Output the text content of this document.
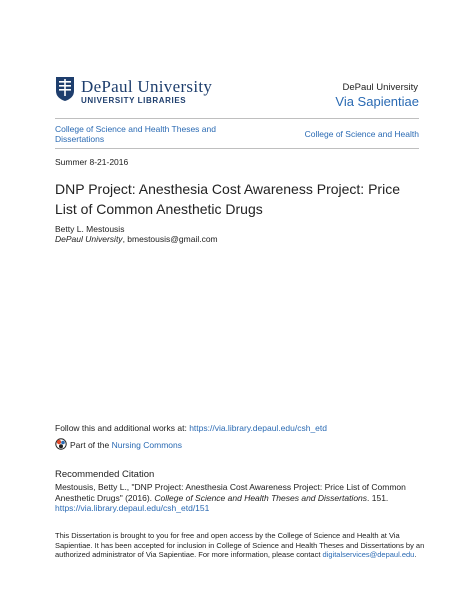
DePaul University
UNIVERSITY LIBRARIES
DePaul University
Via Sapientiae
College of Science and Health Theses and Dissertations	College of Science and Health
Summer 8-21-2016
DNP Project: Anesthesia Cost Awareness Project: Price List of Common Anesthetic Drugs
Betty L. Mestousis
DePaul University, bmestousis@gmail.com
Follow this and additional works at: https://via.library.depaul.edu/csh_etd
Part of the Nursing Commons
Recommended Citation
Mestousis, Betty L., "DNP Project: Anesthesia Cost Awareness Project: Price List of Common Anesthetic Drugs" (2016). College of Science and Health Theses and Dissertations. 151.
https://via.library.depaul.edu/csh_etd/151
This Dissertation is brought to you for free and open access by the College of Science and Health at Via Sapientiae. It has been accepted for inclusion in College of Science and Health Theses and Dissertations by an authorized administrator of Via Sapientiae. For more information, please contact digitalservices@depaul.edu.
